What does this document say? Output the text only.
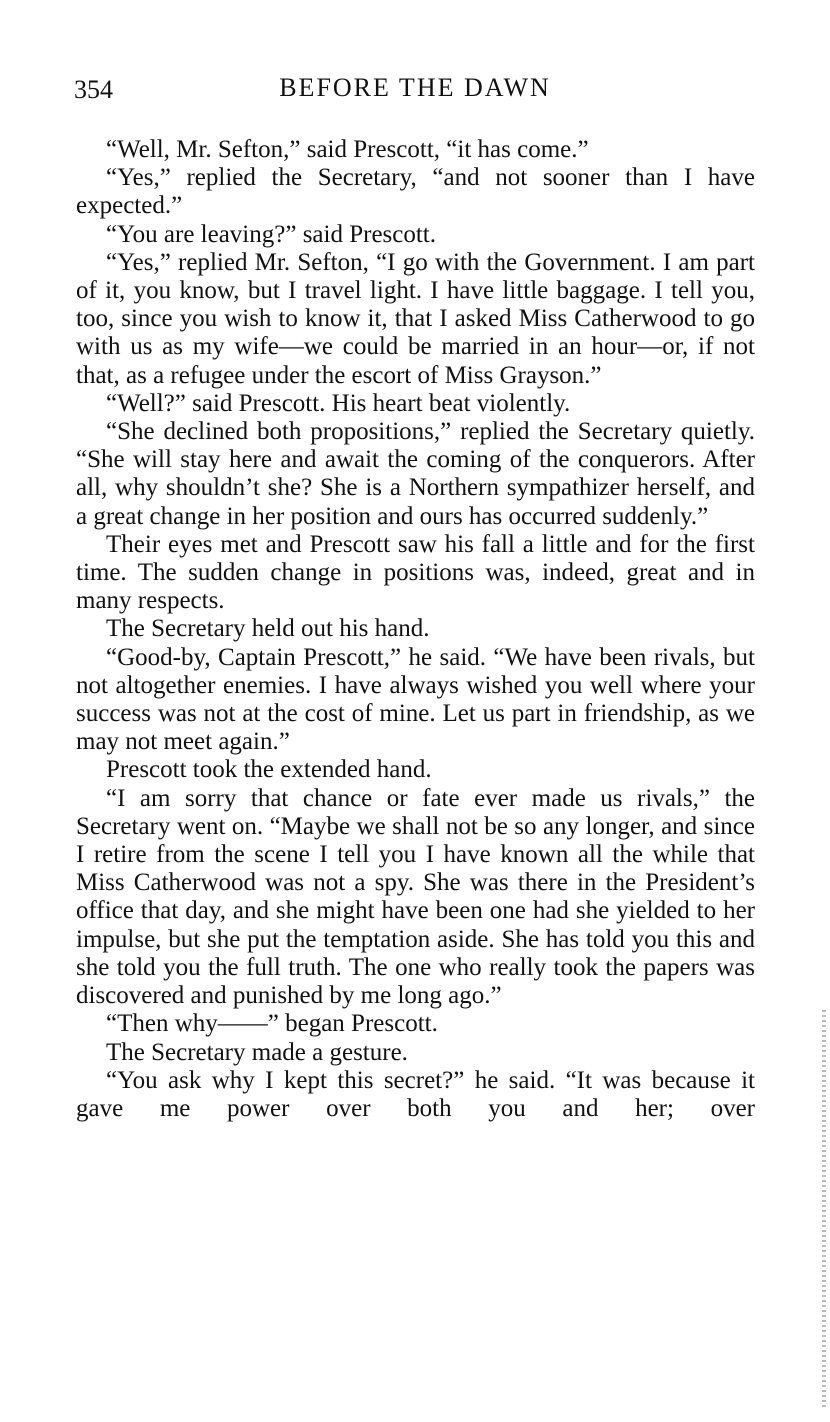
354	BEFORE THE DAWN

“Well, Mr. Sefton,” said Prescott, “it has come.”

“Yes,” replied the Secretary, “and not sooner than I have expected.”

“You are leaving?” said Prescott.

“Yes,” replied Mr. Sefton, “I go with the Government. I am part of it, you know, but I travel light. I have little baggage. I tell you, too, since you wish to know it, that I asked Miss Catherwood to go with us as my wife—we could be married in an hour—or, if not that, as a refugee under the escort of Miss Grayson.”

“Well?” said Prescott. His heart beat violently.

“She declined both propositions,” replied the Secretary quietly. “She will stay here and await the coming of the conquerors. After all, why shouldn’t she? She is a Northern sympathizer herself, and a great change in her position and ours has occurred suddenly.”

Their eyes met and Prescott saw his fall a little and for the first time. The sudden change in positions was, indeed, great and in many respects.

The Secretary held out his hand.

“Good-by, Captain Prescott,” he said. “We have been rivals, but not altogether enemies. I have always wished you well where your success was not at the cost of mine. Let us part in friendship, as we may not meet again.”

Prescott took the extended hand.

“I am sorry that chance or fate ever made us rivals,” the Secretary went on. “Maybe we shall not be so any longer, and since I retire from the scene I tell you I have known all the while that Miss Catherwood was not a spy. She was there in the President’s office that day, and she might have been one had she yielded to her impulse, but she put the temptation aside. She has told you this and she told you the full truth. The one who really took the papers was discovered and punished by me long ago.”

“Then why——” began Prescott.

The Secretary made a gesture.

“You ask why I kept this secret?” he said. “It was because it gave me power over both you and her; over
